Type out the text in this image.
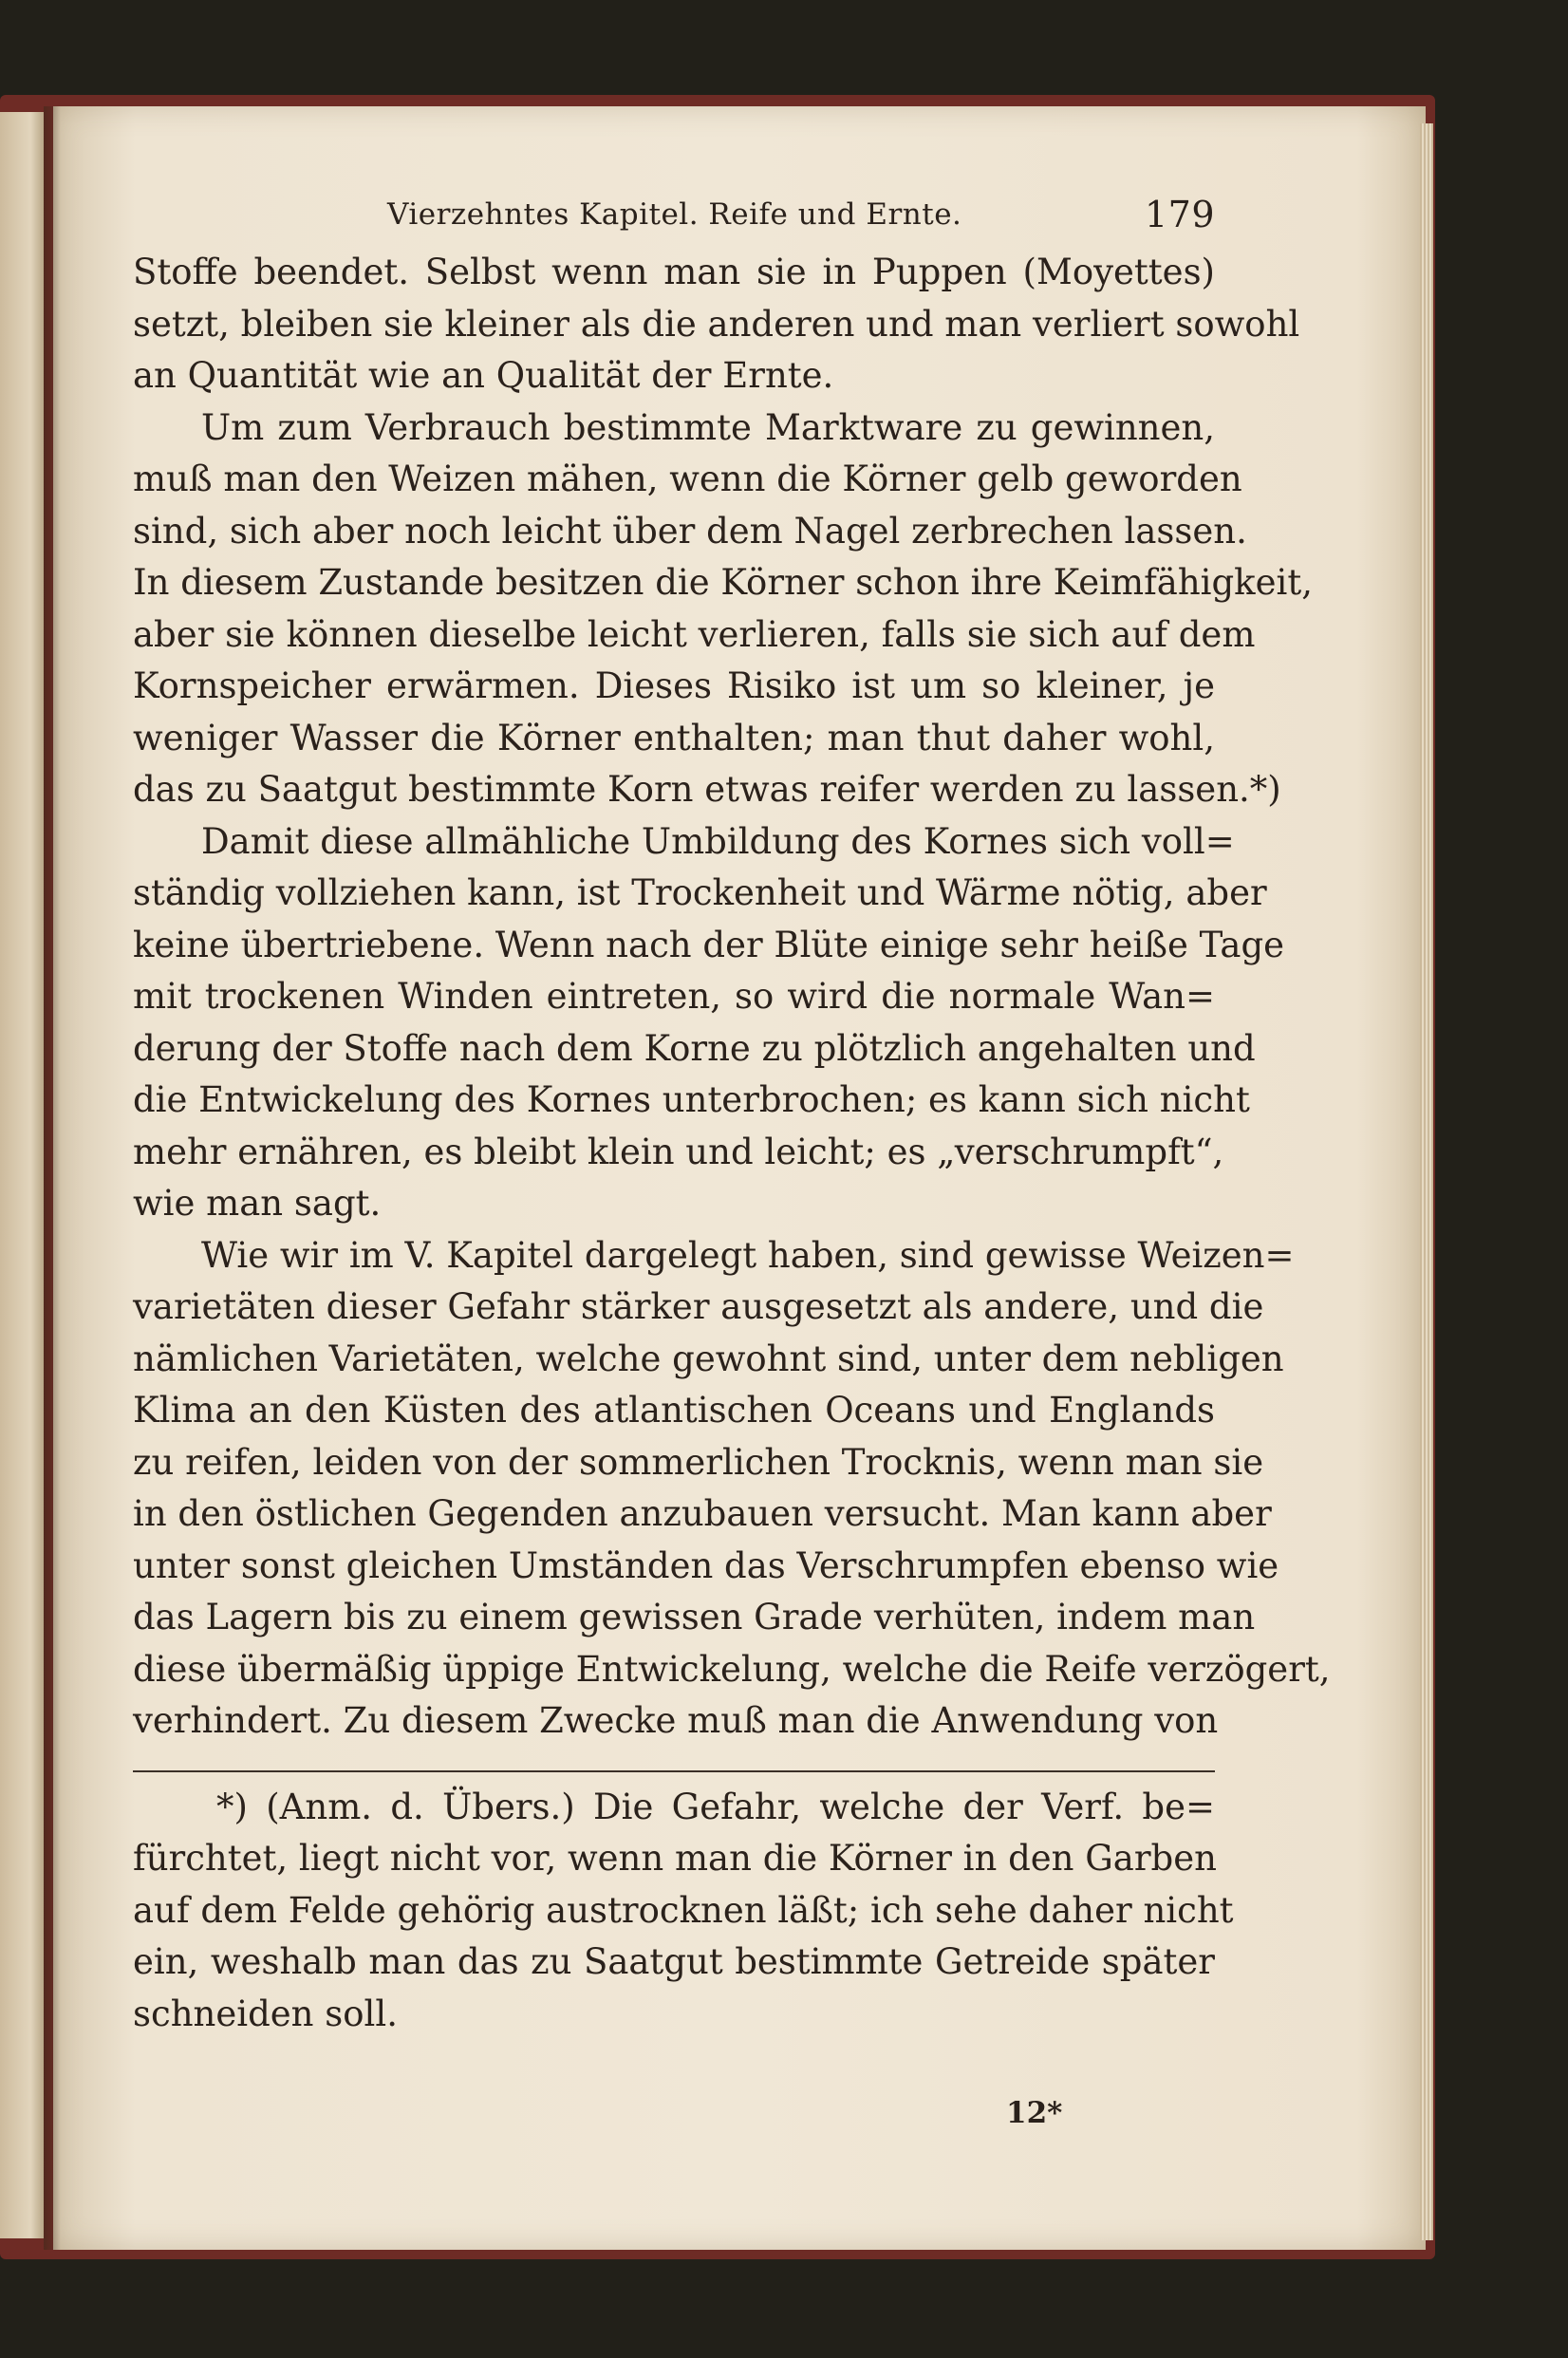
Vierzehntes Kapitel. Reife und Ernte.	179
Stoffe beendet. Selbst wenn man sie in Puppen (Moyettes)
setzt, bleiben sie kleiner als die anderen und man verliert sowohl
an Quantität wie an Qualität der Ernte.
Um zum Verbrauch bestimmte Marktware zu gewinnen,
muß man den Weizen mähen, wenn die Körner gelb geworden
sind, sich aber noch leicht über dem Nagel zerbrechen lassen.
In diesem Zustande besitzen die Körner schon ihre Keimfähigkeit,
aber sie können dieselbe leicht verlieren, falls sie sich auf dem
Kornspeicher erwärmen. Dieses Risiko ist um so kleiner, je
weniger Wasser die Körner enthalten; man thut daher wohl,
das zu Saatgut bestimmte Korn etwas reifer werden zu lassen.*)
Damit diese allmähliche Umbildung des Kornes sich voll=
ständig vollziehen kann, ist Trockenheit und Wärme nötig, aber
keine übertriebene. Wenn nach der Blüte einige sehr heiße Tage
mit trockenen Winden eintreten, so wird die normale Wan=
derung der Stoffe nach dem Korne zu plötzlich angehalten und
die Entwickelung des Kornes unterbrochen; es kann sich nicht
mehr ernähren, es bleibt klein und leicht; es „verschrumpft“,
wie man sagt.
Wie wir im V. Kapitel dargelegt haben, sind gewisse Weizen=
varietäten dieser Gefahr stärker ausgesetzt als andere, und die
nämlichen Varietäten, welche gewohnt sind, unter dem nebligen
Klima an den Küsten des atlantischen Oceans und Englands
zu reifen, leiden von der sommerlichen Trocknis, wenn man sie
in den östlichen Gegenden anzubauen versucht. Man kann aber
unter sonst gleichen Umständen das Verschrumpfen ebenso wie
das Lagern bis zu einem gewissen Grade verhüten, indem man
diese übermäßig üppige Entwickelung, welche die Reife verzögert,
verhindert. Zu diesem Zwecke muß man die Anwendung von
*) (Anm. d. Übers.) Die Gefahr, welche der Verf. be=
fürchtet, liegt nicht vor, wenn man die Körner in den Garben
auf dem Felde gehörig austrocknen läßt; ich sehe daher nicht
ein, weshalb man das zu Saatgut bestimmte Getreide später
schneiden soll.
12*
